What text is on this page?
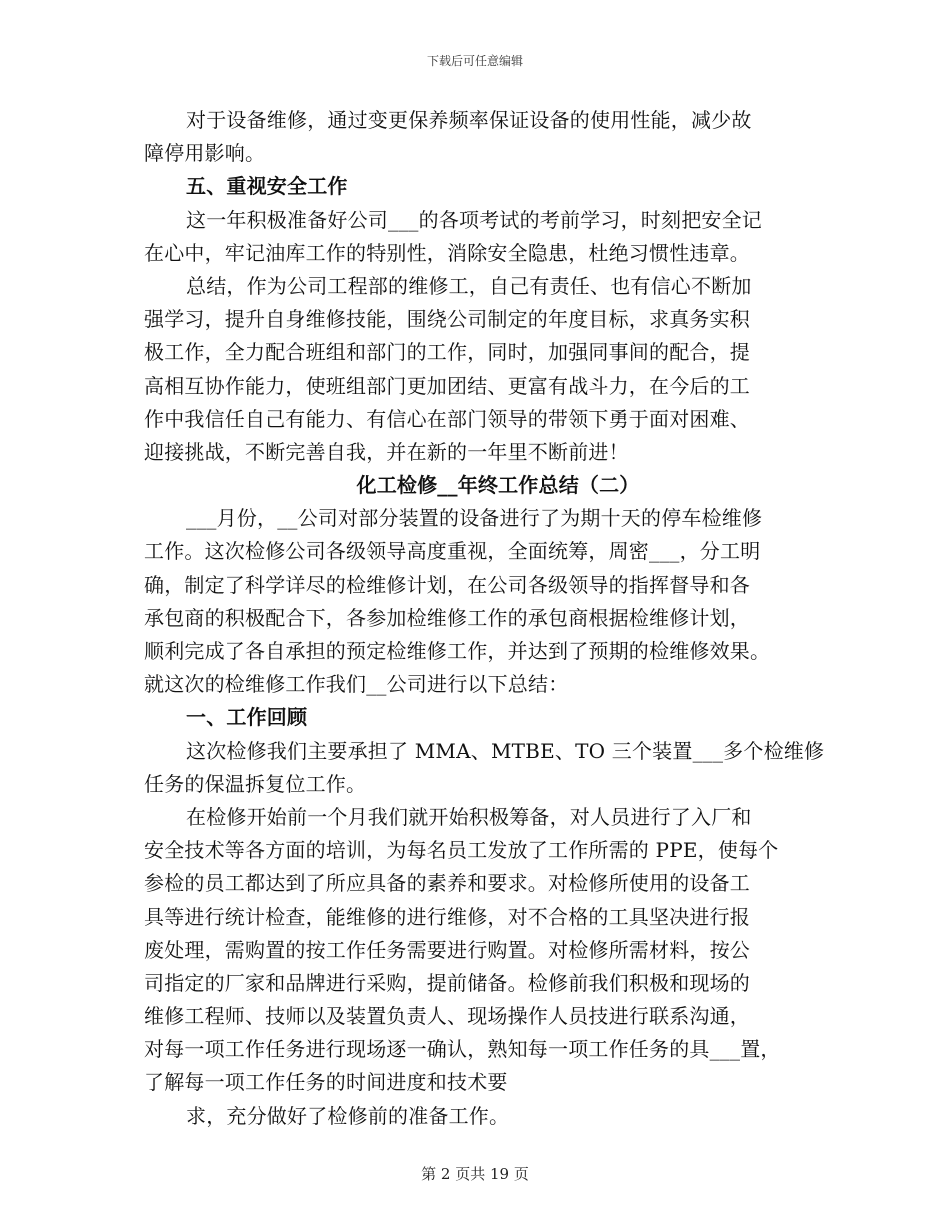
下载后可任意编辑
对于设备维修，通过变更保养频率保证设备的使用性能，减少故
障停用影响。
五、重视安全工作
这一年积极准备好公司___的各项考试的考前学习，时刻把安全记
在心中，牢记油库工作的特别性，消除安全隐患，杜绝习惯性违章。
总结，作为公司工程部的维修工，自己有责任、也有信心不断加
强学习，提升自身维修技能，围绕公司制定的年度目标，求真务实积
极工作，全力配合班组和部门的工作，同时，加强同事间的配合，提
高相互协作能力，使班组部门更加团结、更富有战斗力，在今后的工
作中我信任自己有能力、有信心在部门领导的带领下勇于面对困难、
迎接挑战，不断完善自我，并在新的一年里不断前进！
化工检修__年终工作总结（二）
___月份，__公司对部分装置的设备进行了为期十天的停车检维修
工作。这次检修公司各级领导高度重视，全面统筹，周密___，分工明
确，制定了科学详尽的检维修计划，在公司各级领导的指挥督导和各
承包商的积极配合下，各参加检维修工作的承包商根据检维修计划，
顺利完成了各自承担的预定检维修工作，并达到了预期的检维修效果。
就这次的检维修工作我们__公司进行以下总结：
一、工作回顾
这次检修我们主要承担了 MMA、MTBE、TO 三个装置___多个检维修
任务的保温拆复位工作。
在检修开始前一个月我们就开始积极筹备，对人员进行了入厂和
安全技术等各方面的培训，为每名员工发放了工作所需的 PPE，使每个
参检的员工都达到了所应具备的素养和要求。对检修所使用的设备工
具等进行统计检查，能维修的进行维修，对不合格的工具坚决进行报
废处理，需购置的按工作任务需要进行购置。对检修所需材料，按公
司指定的厂家和品牌进行采购，提前储备。检修前我们积极和现场的
维修工程师、技师以及装置负责人、现场操作人员技进行联系沟通，
对每一项工作任务进行现场逐一确认，熟知每一项工作任务的具___置，
了解每一项工作任务的时间进度和技术要
求，充分做好了检修前的准备工作。
第 2 页共 19 页
